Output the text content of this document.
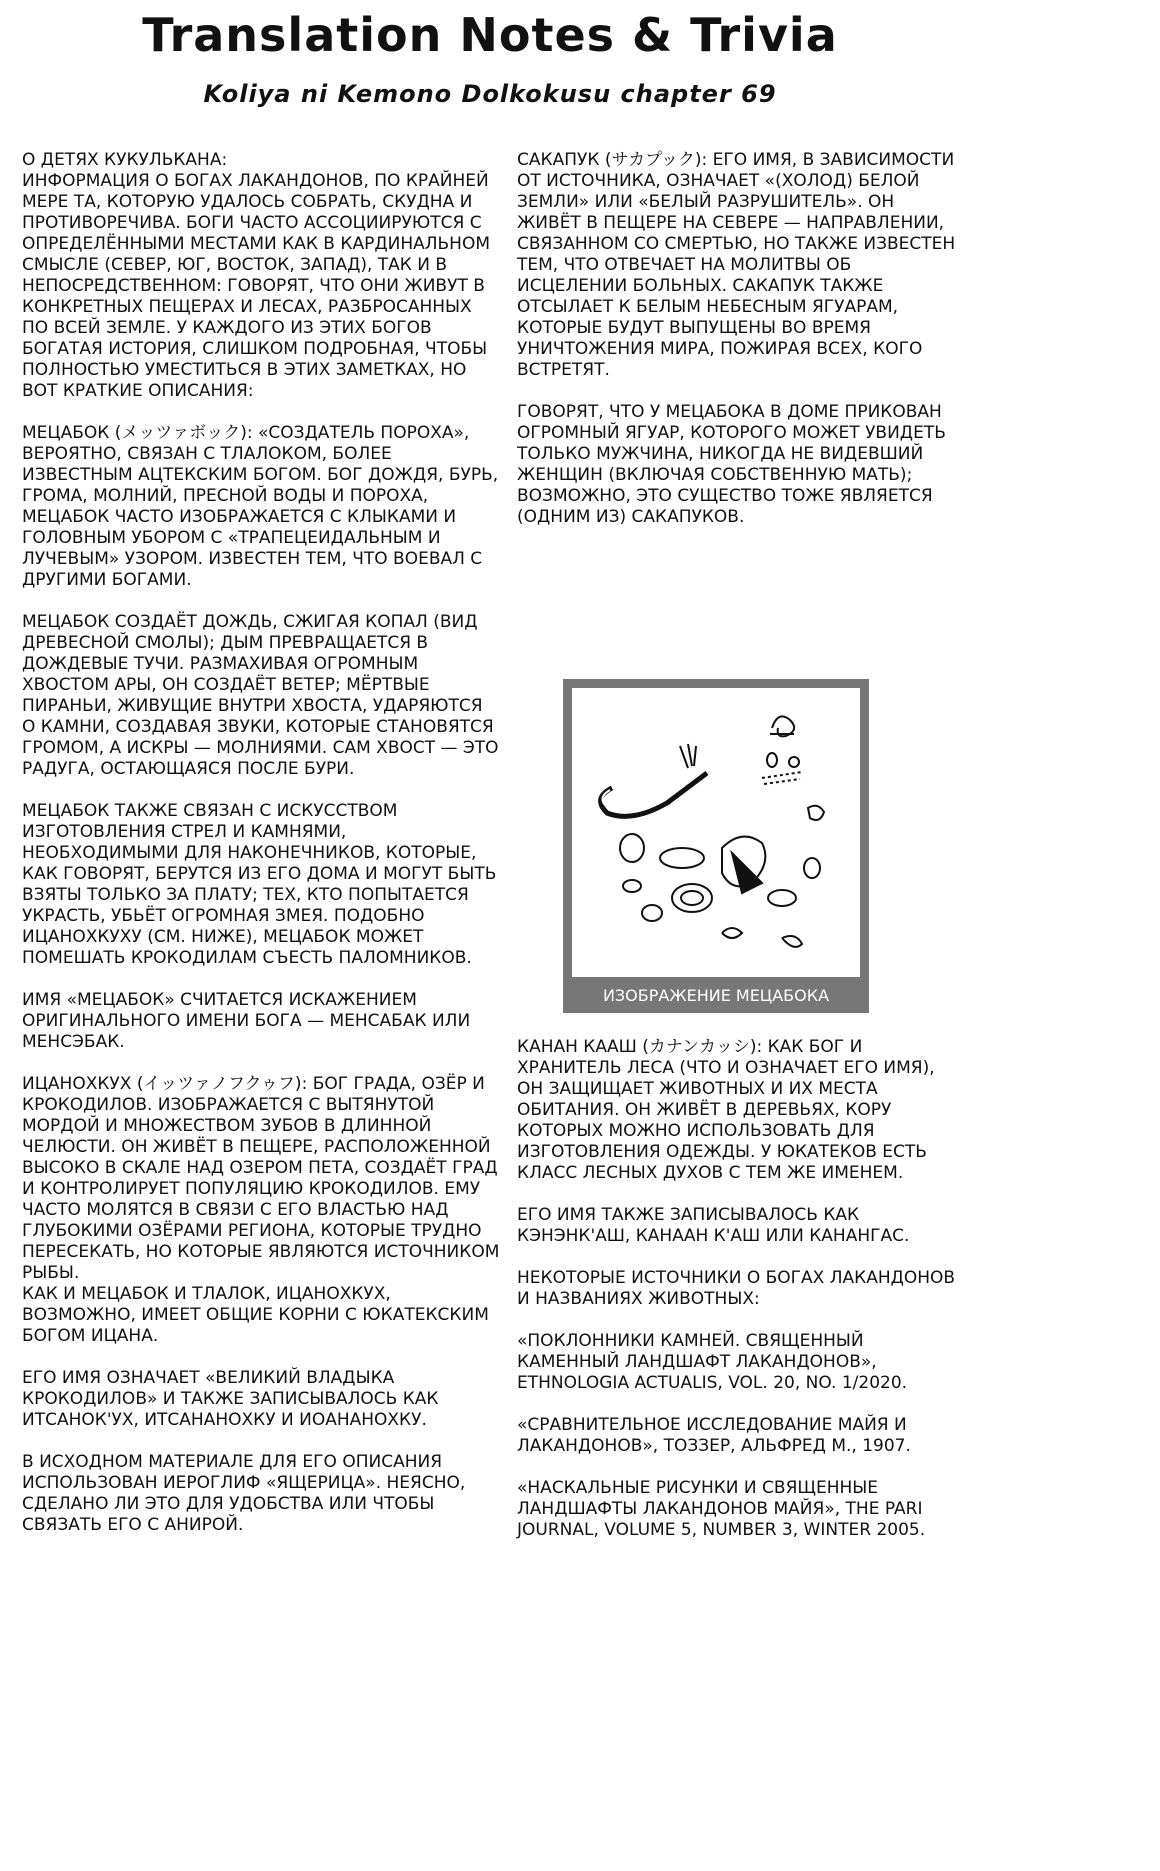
Translation Notes & Trivia
Koliya ni Kemono Dolkokusu chapter 69

О ДЕТЯХ КУКУЛЬКАНА:
ИНФОРМАЦИЯ О БОГАХ ЛАКАНДОНОВ, ПО КРАЙНЕЙ МЕРЕ ТА, КОТОРУЮ УДАЛОСЬ СОБРАТЬ, СКУДНА И ПРОТИВОРЕЧИВА. БОГИ ЧАСТО АССОЦИИРУЮТСЯ С ОПРЕДЕЛЁННЫМИ МЕСТАМИ КАК В КАРДИНАЛЬНОМ СМЫСЛЕ (СЕВЕР, ЮГ, ВОСТОК, ЗАПАД), ТАК И В НЕПОСРЕДСТВЕННОМ: ГОВОРЯТ, ЧТО ОНИ ЖИВУТ В КОНКРЕТНЫХ ПЕЩЕРАХ И ЛЕСАХ, РАЗБРОСАННЫХ ПО ВСЕЙ ЗЕМЛЕ. У КАЖДОГО ИЗ ЭТИХ БОГОВ БОГАТАЯ ИСТОРИЯ, СЛИШКОМ ПОДРОБНАЯ, ЧТОБЫ ПОЛНОСТЬЮ УМЕСТИТЬСЯ В ЭТИХ ЗАМЕТКАХ, НО ВОТ КРАТКИЕ ОПИСАНИЯ:

МЕЦАБОК (メッツァボック): «СОЗДАТЕЛЬ ПОРОХА», ВЕРОЯТНО, СВЯЗАН С ТЛАЛОКОМ, БОЛЕЕ ИЗВЕСТНЫМ АЦТЕКСКИМ БОГОМ. БОГ ДОЖДЯ, БУРЬ, ГРОМА, МОЛНИЙ, ПРЕСНОЙ ВОДЫ И ПОРОХА, МЕЦАБОК ЧАСТО ИЗОБРАЖАЕТСЯ С КЛЫКАМИ И ГОЛОВНЫМ УБОРОМ С «ТРАПЕЦЕИДАЛЬНЫМ И ЛУЧЕВЫМ» УЗОРОМ. ИЗВЕСТЕН ТЕМ, ЧТО ВОЕВАЛ С ДРУГИМИ БОГАМИ.

МЕЦАБОК СОЗДАЁТ ДОЖДЬ, СЖИГАЯ КОПАЛ (ВИД ДРЕВЕСНОЙ СМОЛЫ); ДЫМ ПРЕВРАЩАЕТСЯ В ДОЖДЕВЫЕ ТУЧИ. РАЗМАХИВАЯ ОГРОМНЫМ ХВОСТОМ АРЫ, ОН СОЗДАЁТ ВЕТЕР; МЁРТВЫЕ ПИРАНЬИ, ЖИВУЩИЕ ВНУТРИ ХВОСТА, УДАРЯЮТСЯ О КАМНИ, СОЗДАВАЯ ЗВУКИ, КОТОРЫЕ СТАНОВЯТСЯ ГРОМОМ, А ИСКРЫ — МОЛНИЯМИ. САМ ХВОСТ — ЭТО РАДУГА, ОСТАЮЩАЯСЯ ПОСЛЕ БУРИ.

МЕЦАБОК ТАКЖЕ СВЯЗАН С ИСКУССТВОМ ИЗГОТОВЛЕНИЯ СТРЕЛ И КАМНЯМИ, НЕОБХОДИМЫМИ ДЛЯ НАКОНЕЧНИКОВ, КОТОРЫЕ, КАК ГОВОРЯТ, БЕРУТСЯ ИЗ ЕГО ДОМА И МОГУТ БЫТЬ ВЗЯТЫ ТОЛЬКО ЗА ПЛАТУ; ТЕХ, КТО ПОПЫТАЕТСЯ УКРАСТЬ, УБЬЁТ ОГРОМНАЯ ЗМЕЯ. ПОДОБНО ИЦАНОХКУХУ (СМ. НИЖЕ), МЕЦАБОК МОЖЕТ ПОМЕШАТЬ КРОКОДИЛАМ СЪЕСТЬ ПАЛОМНИКОВ.

ИМЯ «МЕЦАБОК» СЧИТАЕТСЯ ИСКАЖЕНИЕМ ОРИГИНАЛЬНОГО ИМЕНИ БОГА — МЕНСАБАК ИЛИ МЕНСЭБАК.

ИЦАНОХКУХ (イッツァノフクゥフ): БОГ ГРАДА, ОЗЁР И КРОКОДИЛОВ. ИЗОБРАЖАЕТСЯ С ВЫТЯНУТОЙ МОРДОЙ И МНОЖЕСТВОМ ЗУБОВ В ДЛИННОЙ ЧЕЛЮСТИ. ОН ЖИВЁТ В ПЕЩЕРЕ, РАСПОЛОЖЕННОЙ ВЫСОКО В СКАЛЕ НАД ОЗЕРОМ ПЕТА, СОЗДАЁТ ГРАД И КОНТРОЛИРУЕТ ПОПУЛЯЦИЮ КРОКОДИЛОВ. ЕМУ ЧАСТО МОЛЯТСЯ В СВЯЗИ С ЕГО ВЛАСТЬЮ НАД ГЛУБОКИМИ ОЗЁРАМИ РЕГИОНА, КОТОРЫЕ ТРУДНО ПЕРЕСЕКАТЬ, НО КОТОРЫЕ ЯВЛЯЮТСЯ ИСТОЧНИКОМ РЫБЫ.
КАК И МЕЦАБОК И ТЛАЛОК, ИЦАНОХКУХ, ВОЗМОЖНО, ИМЕЕТ ОБЩИЕ КОРНИ С ЮКАТЕКСКИМ БОГОМ ИЦАНА.

ЕГО ИМЯ ОЗНАЧАЕТ «ВЕЛИКИЙ ВЛАДЫКА КРОКОДИЛОВ» И ТАКЖЕ ЗАПИСЫВАЛОСЬ КАК ИТСАНОК'УХ, ИТСАНАНОХКУ И ИОАНАНОХКУ.

В ИСХОДНОМ МАТЕРИАЛЕ ДЛЯ ЕГО ОПИСАНИЯ ИСПОЛЬЗОВАН ИЕРОГЛИФ «ЯЩЕРИЦА». НЕЯСНО, СДЕЛАНО ЛИ ЭТО ДЛЯ УДОБСТВА ИЛИ ЧТОБЫ СВЯЗАТЬ ЕГО С АНИРОЙ.

САКАПУК (サカプック): ЕГО ИМЯ, В ЗАВИСИМОСТИ ОТ ИСТОЧНИКА, ОЗНАЧАЕТ «(ХОЛОД) БЕЛОЙ ЗЕМЛИ» ИЛИ «БЕЛЫЙ РАЗРУШИТЕЛЬ». ОН ЖИВЁТ В ПЕЩЕРЕ НА СЕВЕРЕ — НАПРАВЛЕНИИ, СВЯЗАННОМ СО СМЕРТЬЮ, НО ТАКЖЕ ИЗВЕСТЕН ТЕМ, ЧТО ОТВЕЧАЕТ НА МОЛИТВЫ ОБ ИСЦЕЛЕНИИ БОЛЬНЫХ. САКАПУК ТАКЖЕ ОТСЫЛАЕТ К БЕЛЫМ НЕБЕСНЫМ ЯГУАРАМ, КОТОРЫЕ БУДУТ ВЫПУЩЕНЫ ВО ВРЕМЯ УНИЧТОЖЕНИЯ МИРА, ПОЖИРАЯ ВСЕХ, КОГО ВСТРЕТЯТ.

ГОВОРЯТ, ЧТО У МЕЦАБОКА В ДОМЕ ПРИКОВАН ОГРОМНЫЙ ЯГУАР, КОТОРОГО МОЖЕТ УВИДЕТЬ ТОЛЬКО МУЖЧИНА, НИКОГДА НЕ ВИДЕВШИЙ ЖЕНЩИН (ВКЛЮЧАЯ СОБСТВЕННУЮ МАТЬ); ВОЗМОЖНО, ЭТО СУЩЕСТВО ТОЖЕ ЯВЛЯЕТСЯ (ОДНИМ ИЗ) САКАПУКОВ.

ИЗОБРАЖЕНИЕ МЕЦАБОКА

КАНАН КААШ (カナンカッシ): КАК БОГ И ХРАНИТЕЛЬ ЛЕСА (ЧТО И ОЗНАЧАЕТ ЕГО ИМЯ), ОН ЗАЩИЩАЕТ ЖИВОТНЫХ И ИХ МЕСТА ОБИТАНИЯ. ОН ЖИВЁТ В ДЕРЕВЬЯХ, КОРУ КОТОРЫХ МОЖНО ИСПОЛЬЗОВАТЬ ДЛЯ ИЗГОТОВЛЕНИЯ ОДЕЖДЫ. У ЮКАТЕКОВ ЕСТЬ КЛАСС ЛЕСНЫХ ДУХОВ С ТЕМ ЖЕ ИМЕНЕМ.

ЕГО ИМЯ ТАКЖЕ ЗАПИСЫВАЛОСЬ КАК КЭНЭНК'АШ, КАНААН К'АШ ИЛИ КАНАНГАС.

НЕКОТОРЫЕ ИСТОЧНИКИ О БОГАХ ЛАКАНДОНОВ И НАЗВАНИЯХ ЖИВОТНЫХ:

«ПОКЛОННИКИ КАМНЕЙ. СВЯЩЕННЫЙ КАМЕННЫЙ ЛАНДШАФТ ЛАКАНДОНОВ», ETHNOLOGIA ACTUALIS, VOL. 20, NO. 1/2020.

«СРАВНИТЕЛЬНОЕ ИССЛЕДОВАНИЕ МАЙЯ И ЛАКАНДОНОВ», ТОЗЗЕР, АЛЬФРЕД М., 1907.

«НАСКАЛЬНЫЕ РИСУНКИ И СВЯЩЕННЫЕ ЛАНДШАФТЫ ЛАКАНДОНОВ МАЙЯ», THE PARI JOURNAL, VOLUME 5, NUMBER 3, WINTER 2005.
